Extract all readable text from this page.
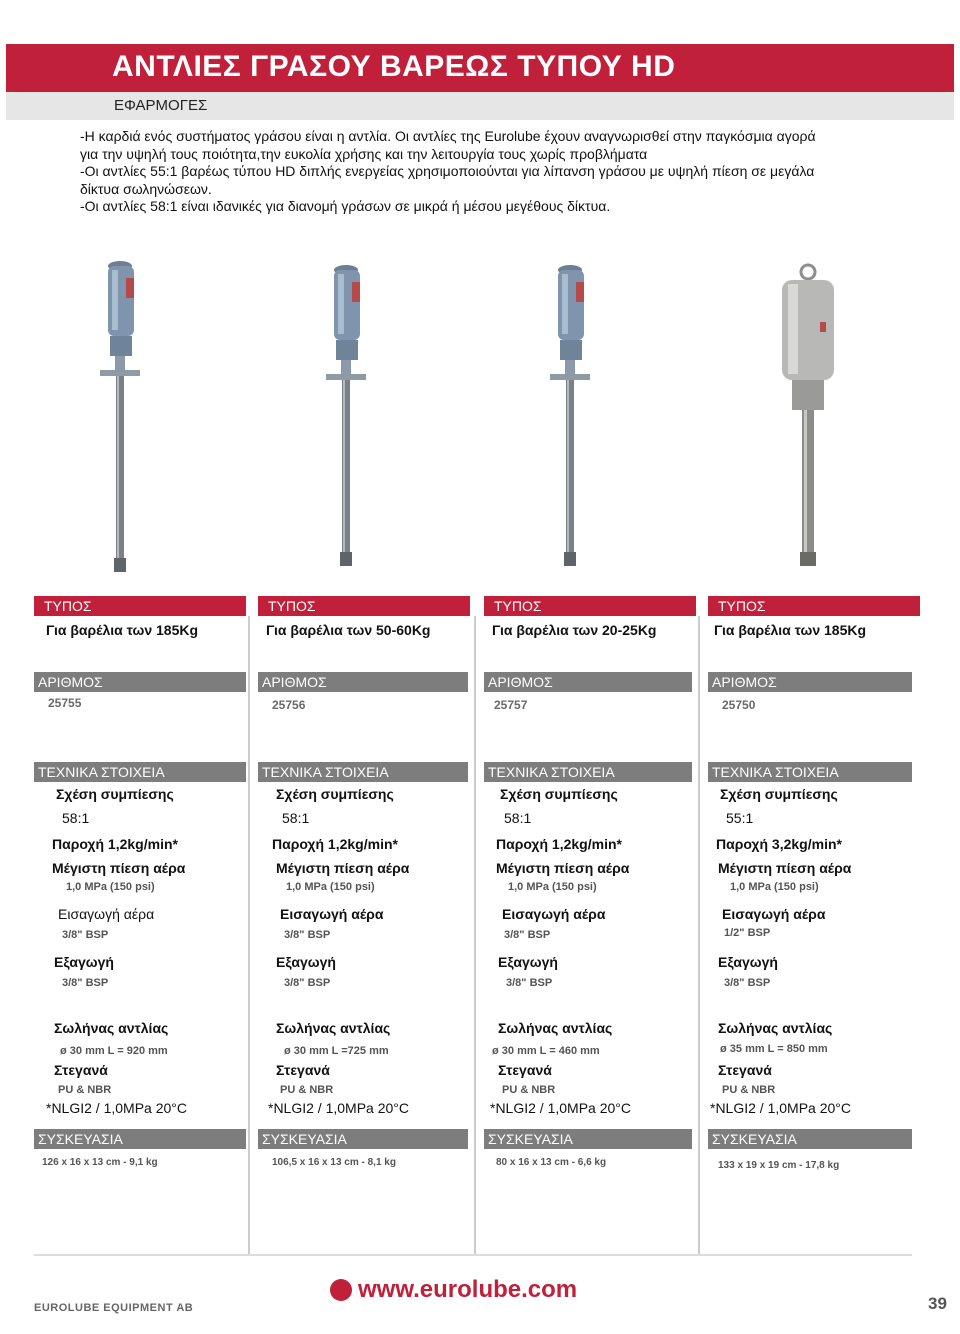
ΑΝΤΛΙΕΣ ΓΡΑΣΟΥ ΒΑΡΕΩΣ ΤΥΠΟΥ HD
ΕΦΑΡΜΟΓΕΣ
-Η καρδιά ενός συστήματος γράσου είναι η αντλία. Οι αντλίες της Eurolube έχουν αναγνωρισθεί στην παγκόσμια αγορά
για την υψηλή τους ποιότητα,την ευκολία χρήσης και την λειτουργία τους χωρίς προβλήματα
-Οι αντλίες 55:1 βαρέως τύπου HD διπλής ενεργείας χρησιμοποιούνται για λίπανση γράσου με υψηλή πίεση σε μεγάλα
δίκτυα σωληνώσεων.
-Οι αντλίες 58:1 είναι ιδανικές για διανομή γράσων σε μικρά ή μέσου μεγέθους δίκτυα.
ΤΥΠΟΣ
Για βαρέλια των 185Kg
ΑΡΙΘΜΟΣ
25755
ΤΕΧΝΙΚΑ ΣΤΟΙΧΕΙΑ
Σχέση συμπίεσης
58:1
Παροχή 1,2kg/min*
Μέγιστη πίεση αέρα
1,0 MPa (150 psi)
Εισαγωγή αέρα
3/8" BSP
Εξαγωγή
3/8" BSP
Σωλήνας αντλίας
ø 30 mm L = 920 mm
Στεγανά
PU & NBR
*NLGI2 / 1,0MPa 20°C
ΣΥΣΚΕΥΑΣΙΑ
126 x 16 x 13 cm - 9,1 kg
ΤΥΠΟΣ
Για βαρέλια των 50-60Kg
ΑΡΙΘΜΟΣ
25756
ΤΕΧΝΙΚΑ ΣΤΟΙΧΕΙΑ
Σχέση συμπίεσης
58:1
Παροχή 1,2kg/min*
Μέγιστη πίεση αέρα
1,0 MPa (150 psi)
Εισαγωγή αέρα
3/8" BSP
Εξαγωγή
3/8" BSP
Σωλήνας αντλίας
ø 30 mm L =725 mm
Στεγανά
PU & NBR
*NLGI2 / 1,0MPa 20°C
ΣΥΣΚΕΥΑΣΙΑ
106,5 x 16 x 13 cm - 8,1 kg
ΤΥΠΟΣ
Για βαρέλια των 20-25Kg
ΑΡΙΘΜΟΣ
25757
ΤΕΧΝΙΚΑ ΣΤΟΙΧΕΙΑ
Σχέση συμπίεσης
58:1
Παροχή 1,2kg/min*
Μέγιστη πίεση αέρα
1,0 MPa (150 psi)
Εισαγωγή αέρα
3/8" BSP
Εξαγωγή
3/8" BSP
Σωλήνας αντλίας
ø 30 mm L = 460 mm
Στεγανά
PU & NBR
*NLGI2 / 1,0MPa 20°C
ΣΥΣΚΕΥΑΣΙΑ
80 x 16 x 13 cm - 6,6 kg
ΤΥΠΟΣ
Για βαρέλια των 185Kg
ΑΡΙΘΜΟΣ
25750
ΤΕΧΝΙΚΑ ΣΤΟΙΧΕΙΑ
Σχέση συμπίεσης
55:1
Παροχή 3,2kg/min*
Μέγιστη πίεση αέρα
1,0 MPa (150 psi)
Εισαγωγή αέρα
1/2" BSP
Εξαγωγή
3/8" BSP
Σωλήνας αντλίας
ø 35 mm L = 850 mm
Στεγανά
PU & NBR
*NLGI2 / 1,0MPa 20°C
ΣΥΣΚΕΥΑΣΙΑ
133 x 19 x 19 cm - 17,8 kg
www.eurolube.com
EUROLUBE EQUIPMENT AB	39
